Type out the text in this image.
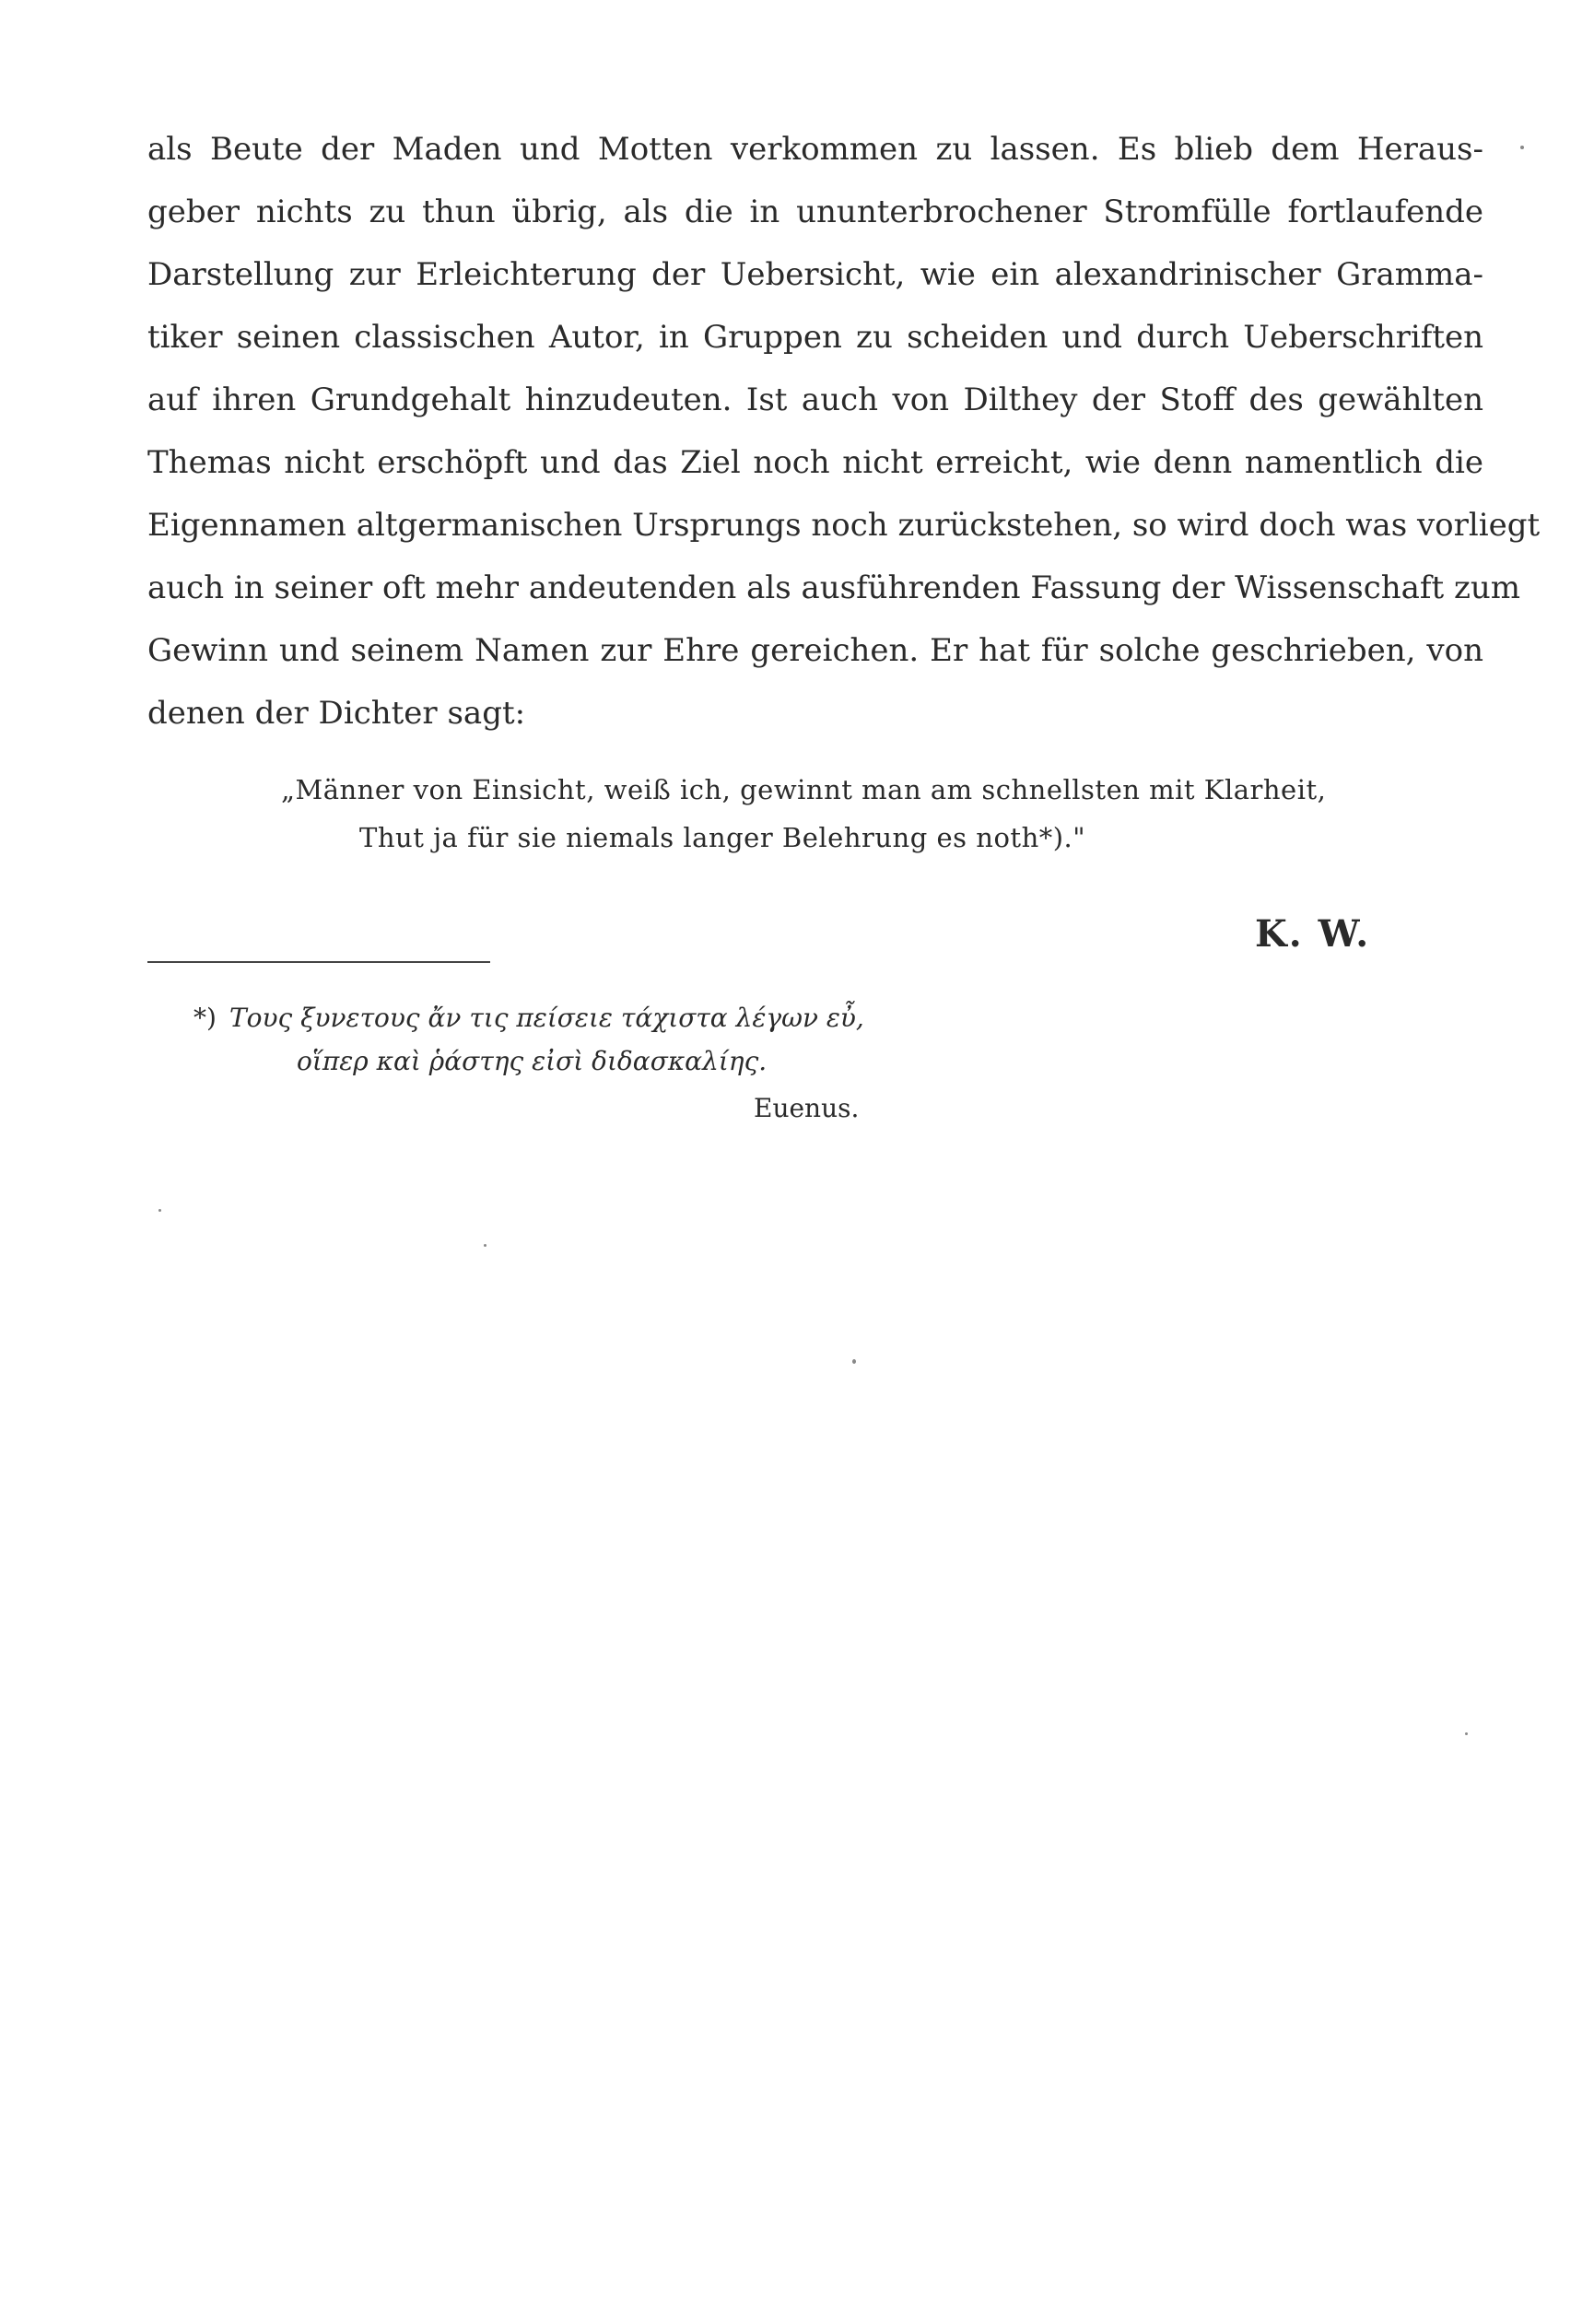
als Beute der Maden und Motten verkommen zu lassen. Es blieb dem Heraus-
geber nichts zu thun übrig, als die in ununterbrochener Stromfülle fortlaufende
Darstellung zur Erleichterung der Uebersicht, wie ein alexandrinischer Gramma-
tiker seinen classischen Autor, in Gruppen zu scheiden und durch Ueberschriften
auf ihren Grundgehalt hinzudeuten. Ist auch von Dilthey der Stoff des gewählten
Themas nicht erschöpft und das Ziel noch nicht erreicht, wie denn namentlich die
Eigennamen altgermanischen Ursprungs noch zurückstehen, so wird doch was vorliegt
auch in seiner oft mehr andeutenden als ausführenden Fassung der Wissenschaft zum
Gewinn und seinem Namen zur Ehre gereichen. Er hat für solche geschrieben, von
denen der Dichter sagt:
„Männer von Einsicht, weiß ich, gewinnt man am schnellsten mit Klarheit,
Thut ja für sie niemals langer Belehrung es noth*)."
K. W.
*) Τους ξυνετους ἄν τις πείσειε τάχιστα λέγων εὖ,
οἵπερ καὶ ῥάστης εἰσὶ διδασκαλίης.
Euenus.
